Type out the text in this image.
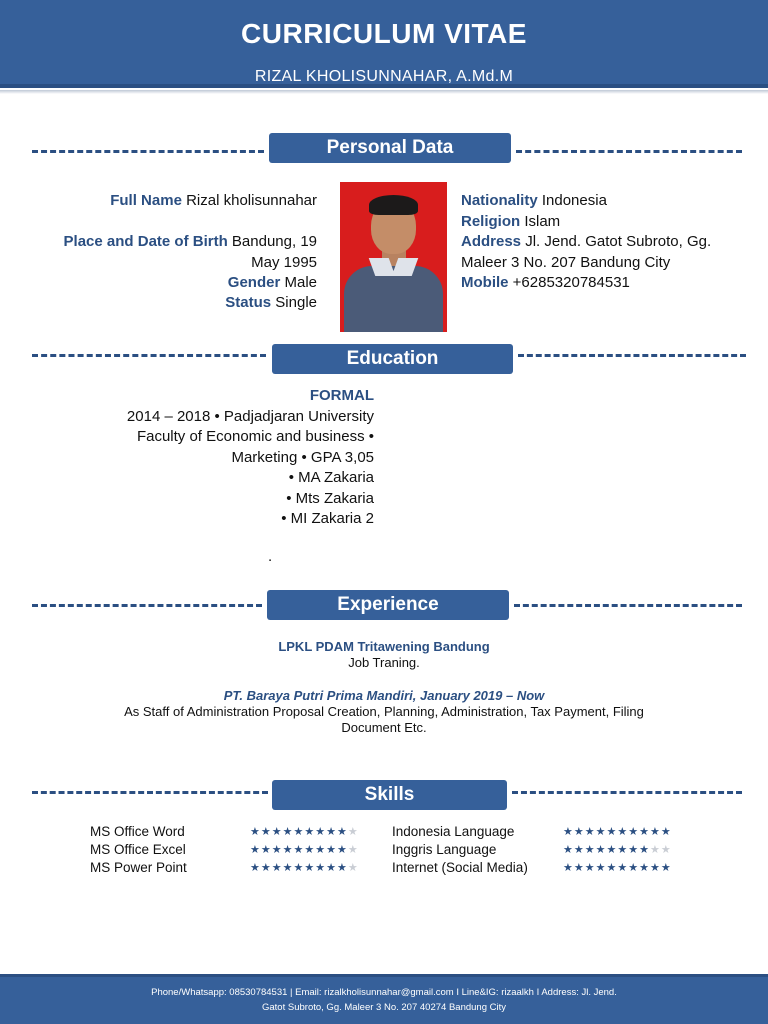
CURRICULUM VITAE
RIZAL KHOLISUNNAHAR, A.Md.M
Personal Data
Full Name Rizal kholisunnahar
Place and Date of Birth Bandung, 19
May 1995
Gender Male
Status Single
Nationality Indonesia
Religion Islam
Address Jl. Jend. Gatot Subroto, Gg.
Maleer 3 No. 207 Bandung City
Mobile +6285320784531
Education
FORMAL
2014 – 2018 • Padjadjaran University
Faculty of Economic and business •
Marketing • GPA 3,05
• MA Zakaria
• Mts Zakaria
• MI Zakaria 2
.
Experience
LPKL PDAM Tritawening Bandung
Job Traning.
PT. Baraya Putri Prima Mandiri, January 2019 – Now
As Staff of Administration Proposal Creation, Planning, Administration, Tax Payment, Filing
Document Etc.
Skills
MS Office Word
MS Office Excel
MS Power Point
★★★★★★★★★★
★★★★★★★★★★
★★★★★★★★★★
Indonesia Language
Inggris Language
Internet (Social Media)
★★★★★★★★★★
★★★★★★★★★★
★★★★★★★★★★
Phone/Whatsapp: 08530784531 | Email: rizalkholisunnahar@gmail.com I Line&IG: rizaalkh I Address: Jl. Jend.
Gatot Subroto, Gg. Maleer 3 No. 207 40274 Bandung City
